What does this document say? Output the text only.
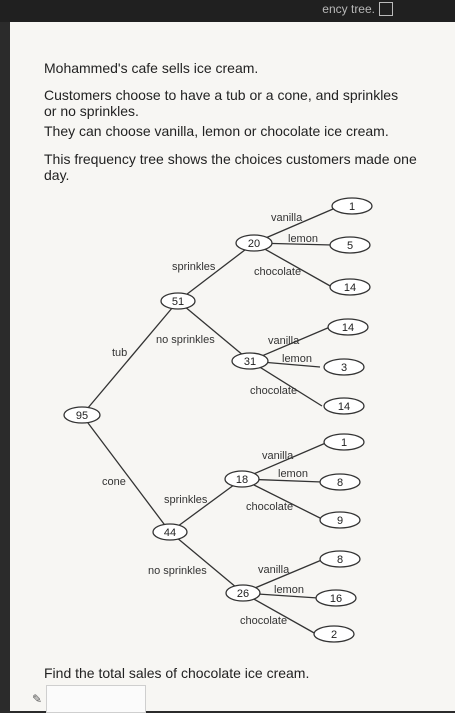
ency tree.
Mohammed's cafe sells ice cream.
Customers choose to have a tub or a cone, and sprinkles or no sprinkles.
They can choose vanilla, lemon or chocolate ice cream.
This frequency tree shows the choices customers made one day.
tub
cone
sprinkles
no sprinkles
sprinkles
no sprinkles
vanilla
lemon
chocolate
vanilla
lemon
chocolate
vanilla
lemon
chocolate
vanilla
lemon
chocolate
95
51
44
20
31
18
26
1
5
14
14
3
14
1
8
9
8
16
2
Find the total sales of chocolate ice cream.
✎
